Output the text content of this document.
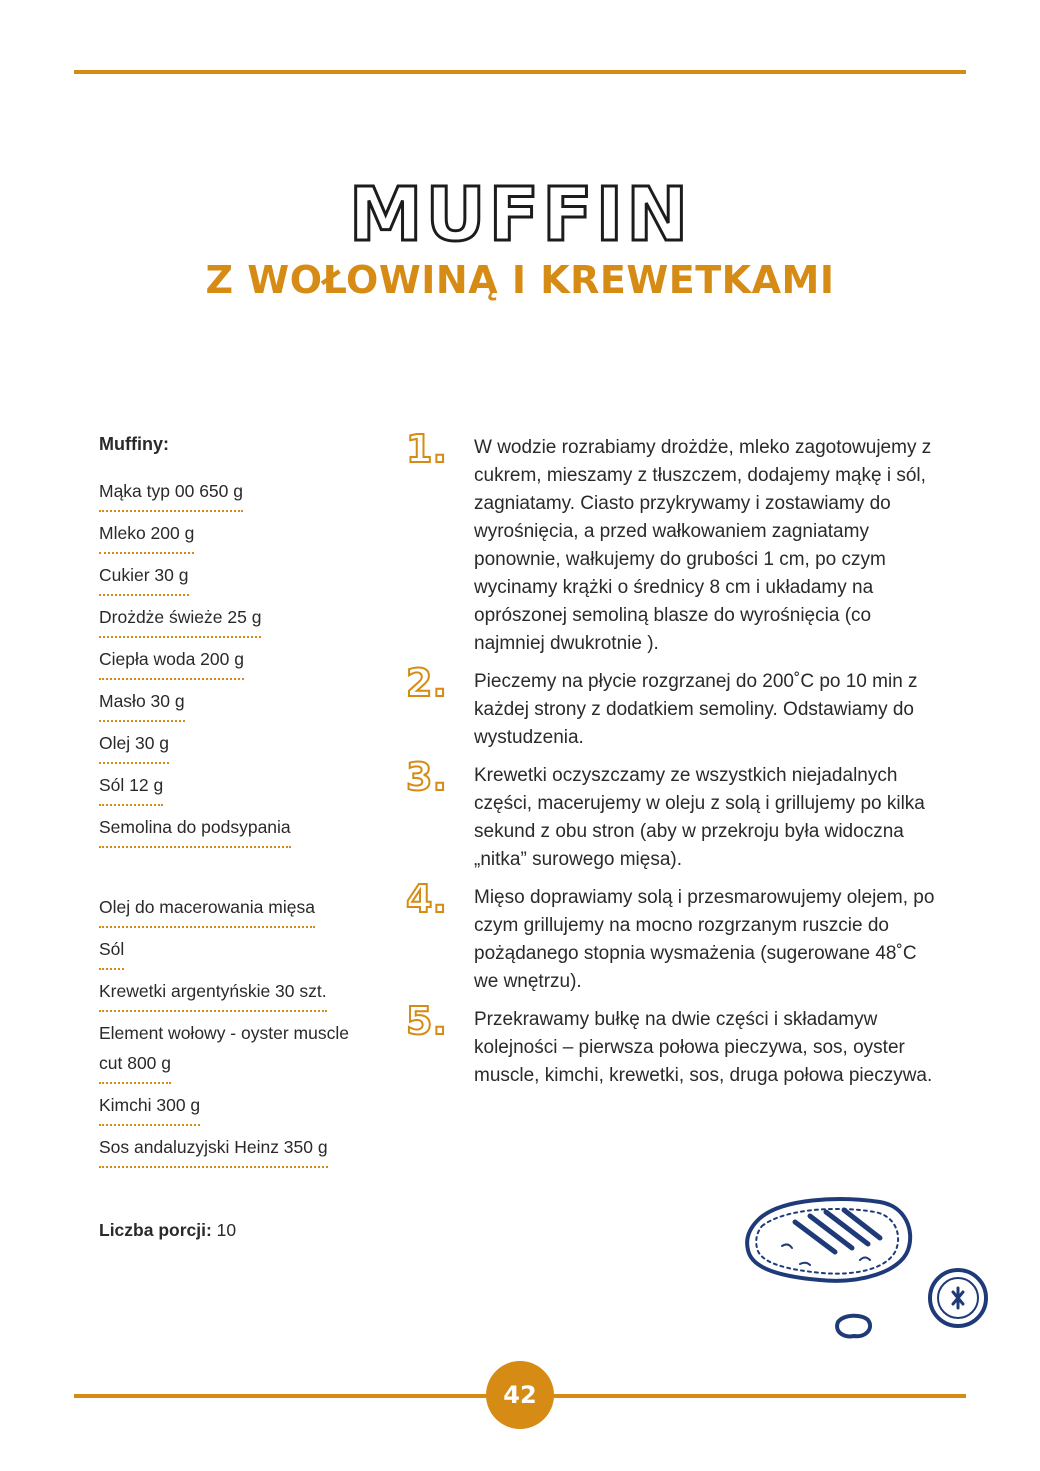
MUFFIN
Z WOŁOWINĄ I KREWETKAMI
Muffiny:
Mąka typ 00 650 g
Mleko 200 g
Cukier 30 g
Drożdże świeże 25 g
Ciepła woda 200 g
Masło 30 g
Olej 30 g
Sól 12 g
Semolina do podsypania
Olej do macerowania mięsa
Sól
Krewetki argentyńskie 30 szt.
Element wołowy - oyster muscle
cut 800 g
Kimchi 300 g
Sos andaluzyjski Heinz 350 g
Liczba porcji: 10
1. W wodzie rozrabiamy drożdże, mleko zagotowujemy z cukrem, mieszamy z tłuszczem, dodajemy mąkę i sól, zagniatamy. Ciasto przykrywamy i zostawiamy do wyrośnięcia, a przed wałkowaniem zagniatamy ponownie, wałkujemy do grubości 1 cm, po czym wycinamy krążki o średnicy 8 cm i układamy na oprószonej semoliną blasze do wyrośnięcia (co najmniej dwukrotnie ).
2. Pieczemy na płycie rozgrzanej do 200˚C po 10 min z każdej strony z dodatkiem semoliny. Odstawiamy do wystudzenia.
3. Krewetki oczyszczamy ze wszystkich niejadalnych części, macerujemy w oleju z solą i grillujemy po kilka sekund z obu stron (aby w przekroju była widoczna „nitka” surowego mięsa).
4. Mięso doprawiamy solą i przesmarowujemy olejem, po czym grillujemy na mocno rozgrzanym ruszcie do pożądanego stopnia wysmażenia (sugerowane 48˚C we wnętrzu).
5. Przekrawamy bułkę na dwie części i składamyw kolejności – pierwsza połowa pieczywa, sos, oyster muscle, kimchi, krewetki, sos, druga połowa pieczywa.
42
